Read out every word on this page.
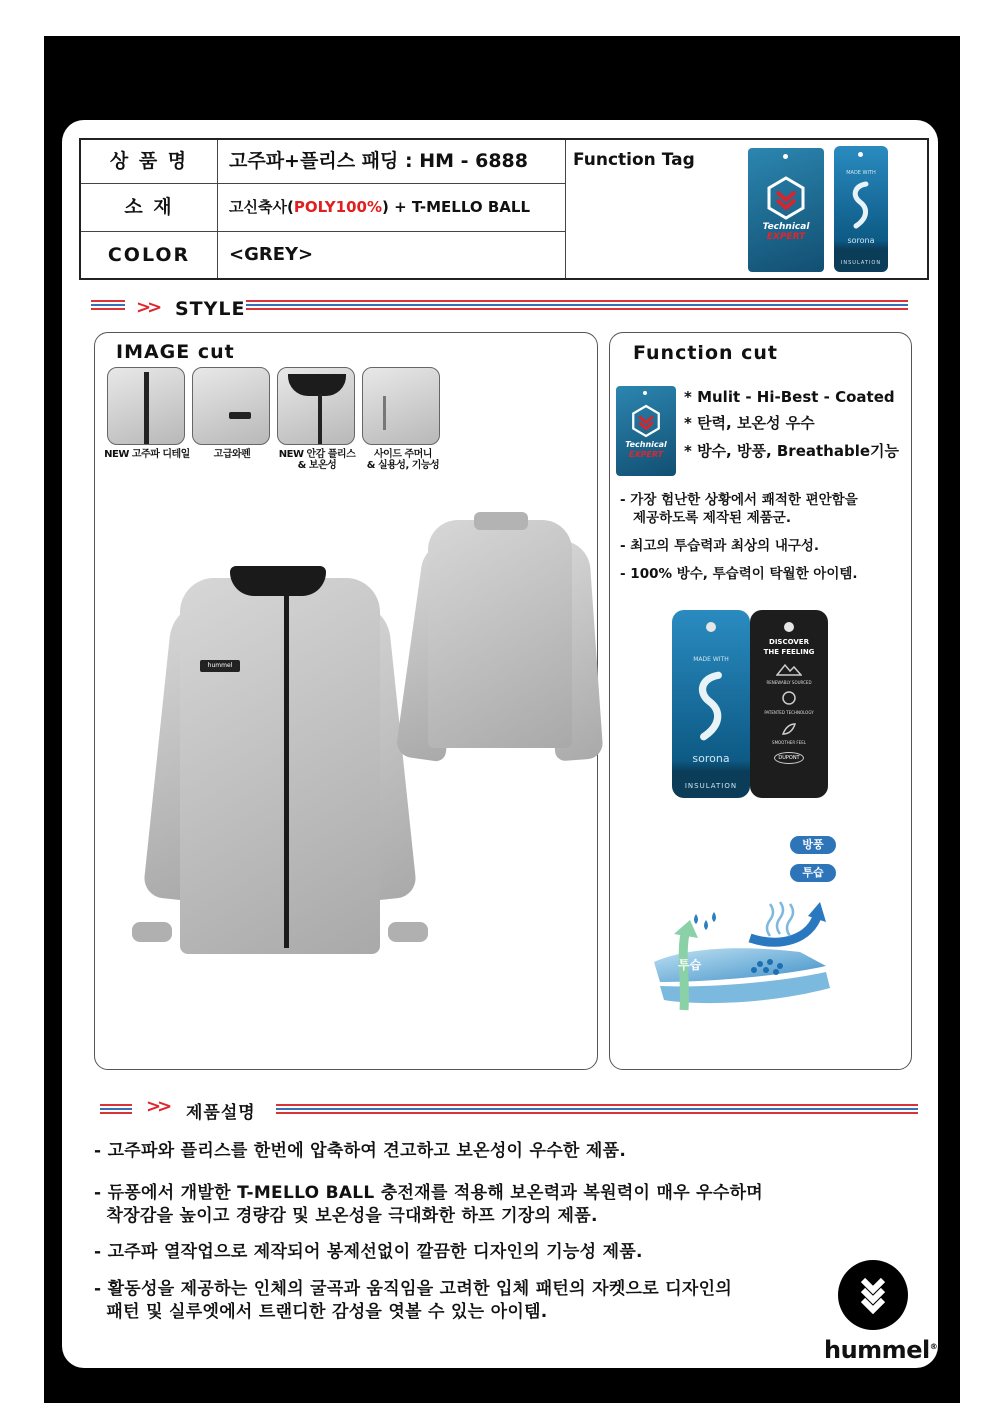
상 품 명	고주파+플리스 패딩 : HM - 6888
소 재	고신축사(POLY100%) + T-MELLO BALL
COLOR	<GREY>
Function Tag
Technical
EXPERT
MADE WITH
sorona
INSULATION
>> STYLE
IMAGE cut
NEW 고주파 디테일	고급와펜	NEW 안감 플리스
& 보온성
사이드 주머니
& 실용성, 기능성
hummel
Function cut
Technical
EXPERT
* Mulit - Hi-Best - Coated
* 탄력, 보온성 우수
* 방수, 방풍, Breathable기능
- 가장 험난한 상황에서 쾌적한 편안함을
제공하도록 제작된 제품군.
- 최고의 투습력과 최상의 내구성.
- 100% 방수, 투습력이 탁월한 아이템.
MADE WITH
sorona
INSULATION
DISCOVER
THE FEELING
RENEWABLY SOURCED
PATENTED TECHNOLOGY
SMOOTHER FEEL
DUPONT
방풍
투습
투습
>> 제품설명
- 고주파와 플리스를 한번에 압축하여 견고하고 보온성이 우수한 제품.
- 듀퐁에서 개발한 T-MELLO BALL 충전재를 적용해 보온력과 복원력이 매우 우수하며
착장감을 높이고 경량감 및 보온성을 극대화한 하프 기장의 제품.
- 고주파 열작업으로 제작되어 봉제선없이 깔끔한 디자인의 기능성 제품.
- 활동성을 제공하는 인체의 굴곡과 움직임을 고려한 입체 패턴의 자켓으로 디자인의
패턴 및 실루엣에서 트랜디한 감성을 엿볼 수 있는 아이템.
hummel®
